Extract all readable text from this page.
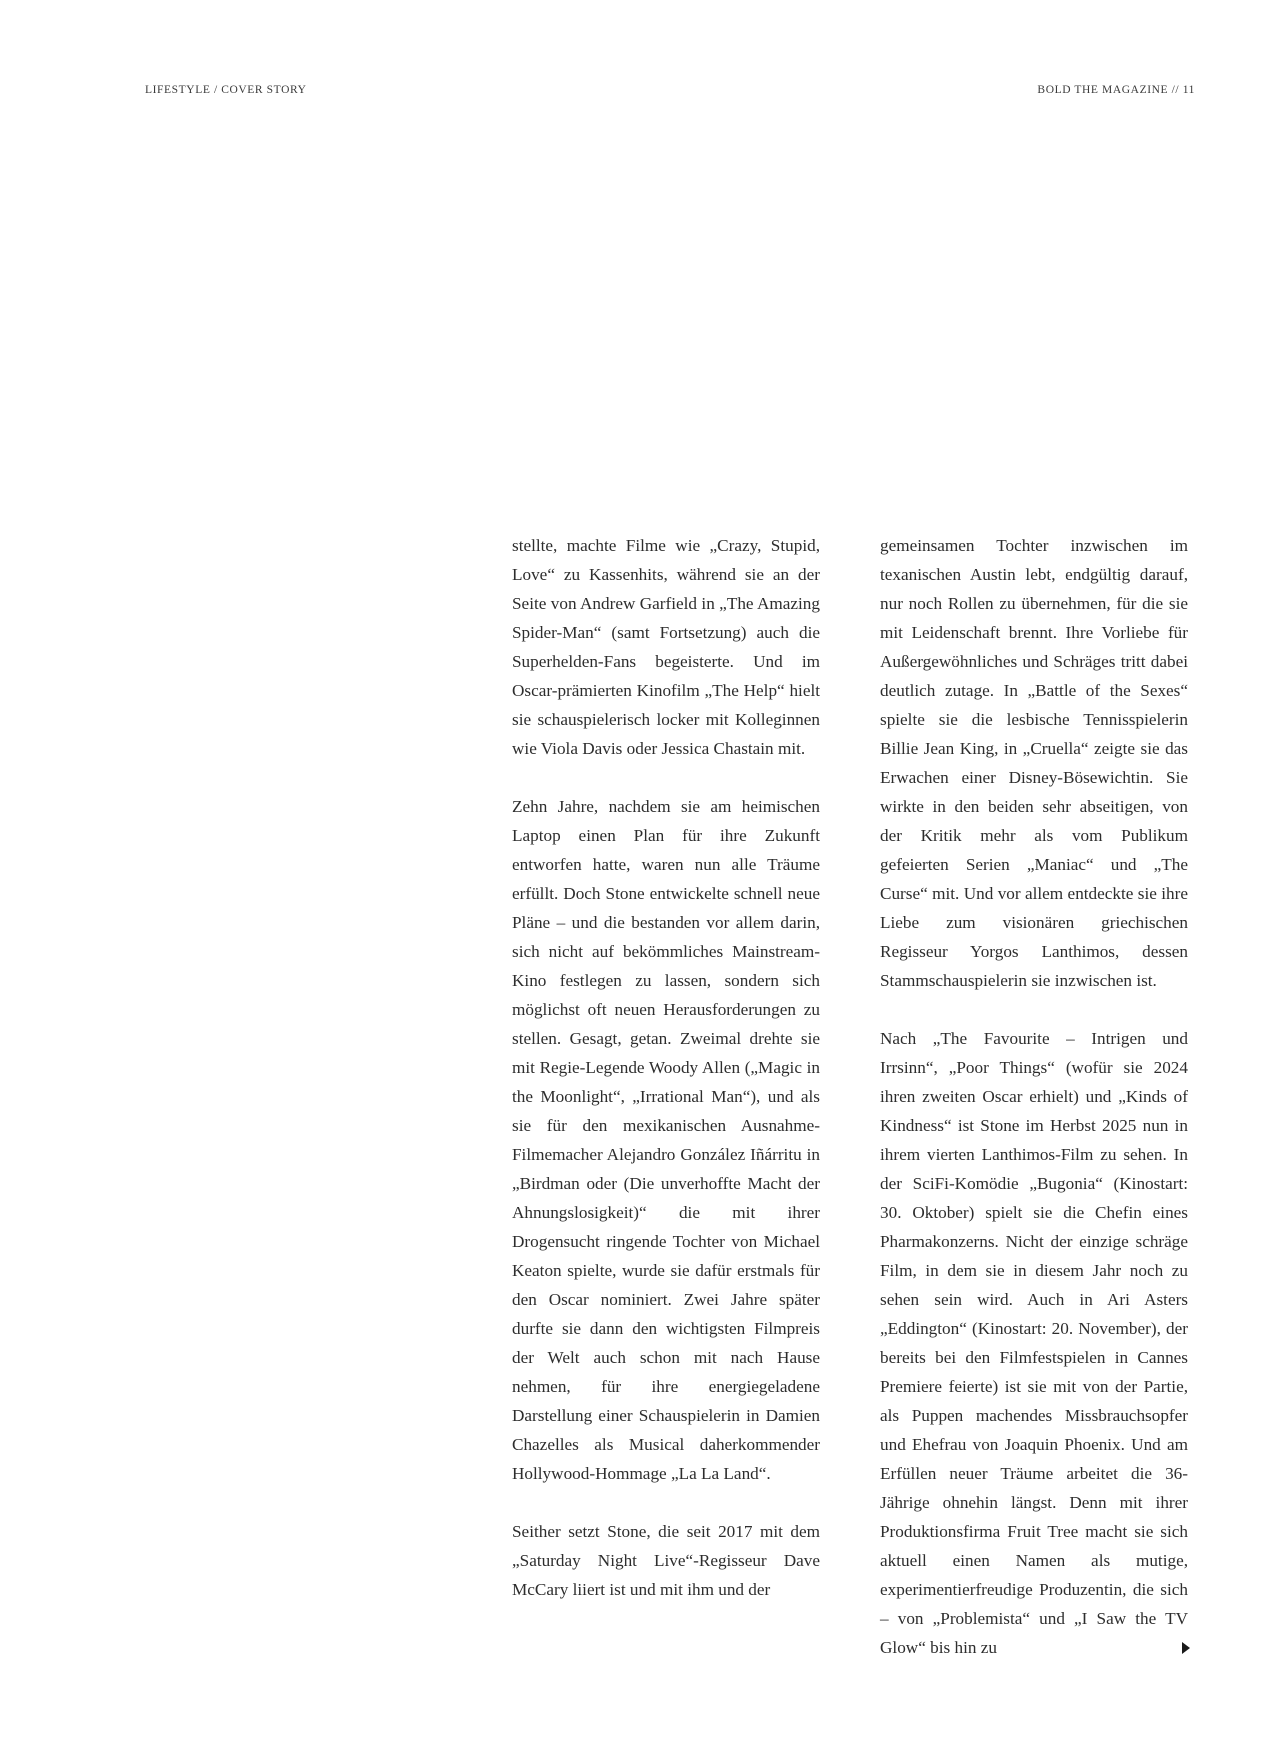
LIFESTYLE / COVER STORY	BOLD THE MAGAZINE // 11

stellte, machte Filme wie „Crazy, Stupid, Love“ zu Kassenhits, während sie an der Seite von Andrew Garfield in „The Amazing Spider-Man“ (samt Fortsetzung) auch die Superhelden-Fans begeisterte. Und im Oscar-prämierten Kinofilm „The Help“ hielt sie schauspielerisch locker mit Kolleginnen wie Viola Davis oder Jessica Chastain mit.

Zehn Jahre, nachdem sie am heimischen Laptop einen Plan für ihre Zukunft entworfen hatte, waren nun alle Träume erfüllt. Doch Stone entwickelte schnell neue Pläne – und die bestanden vor allem darin, sich nicht auf bekömmliches Mainstream-Kino festlegen zu lassen, sondern sich möglichst oft neuen Herausforderungen zu stellen. Gesagt, getan. Zweimal drehte sie mit Regie-Legende Woody Allen („Magic in the Moonlight“, „Irrational Man“), und als sie für den mexikanischen Ausnahme-Filmemacher Alejandro González Iñárritu in „Birdman oder (Die unverhoffte Macht der Ahnungslosigkeit)“ die mit ihrer Drogensucht ringende Tochter von Michael Keaton spielte, wurde sie dafür erstmals für den Oscar nominiert. Zwei Jahre später durfte sie dann den wichtigsten Filmpreis der Welt auch schon mit nach Hause nehmen, für ihre energiegeladene Darstellung einer Schauspielerin in Damien Chazelles als Musical daherkommender Hollywood-Hommage „La La Land“.

Seither setzt Stone, die seit 2017 mit dem „Saturday Night Live“-Regisseur Dave McCary liiert ist und mit ihm und der

gemeinsamen Tochter inzwischen im texanischen Austin lebt, endgültig darauf, nur noch Rollen zu übernehmen, für die sie mit Leidenschaft brennt. Ihre Vorliebe für Außergewöhnliches und Schräges tritt dabei deutlich zutage. In „Battle of the Sexes“ spielte sie die lesbische Tennisspielerin Billie Jean King, in „Cruella“ zeigte sie das Erwachen einer Disney-Bösewichtin. Sie wirkte in den beiden sehr abseitigen, von der Kritik mehr als vom Publikum gefeierten Serien „Maniac“ und „The Curse“ mit. Und vor allem entdeckte sie ihre Liebe zum visionären griechischen Regisseur Yorgos Lanthimos, dessen Stammschauspielerin sie inzwischen ist.

Nach „The Favourite – Intrigen und Irrsinn“, „Poor Things“ (wofür sie 2024 ihren zweiten Oscar erhielt) und „Kinds of Kindness“ ist Stone im Herbst 2025 nun in ihrem vierten Lanthimos-Film zu sehen. In der SciFi-Komödie „Bugonia“ (Kinostart: 30. Oktober) spielt sie die Chefin eines Pharmakonzerns. Nicht der einzige schräge Film, in dem sie in diesem Jahr noch zu sehen sein wird. Auch in Ari Asters „Eddington“ (Kinostart: 20. November), der bereits bei den Filmfestspielen in Cannes Premiere feierte) ist sie mit von der Partie, als Puppen machendes Missbrauchsopfer und Ehefrau von Joaquin Phoenix. Und am Erfüllen neuer Träume arbeitet die 36-Jährige ohnehin längst. Denn mit ihrer Produktionsfirma Fruit Tree macht sie sich aktuell einen Namen als mutige, experimentierfreudige Produzentin, die sich – von „Problemista“ und „I Saw the TV Glow“ bis hin zu
